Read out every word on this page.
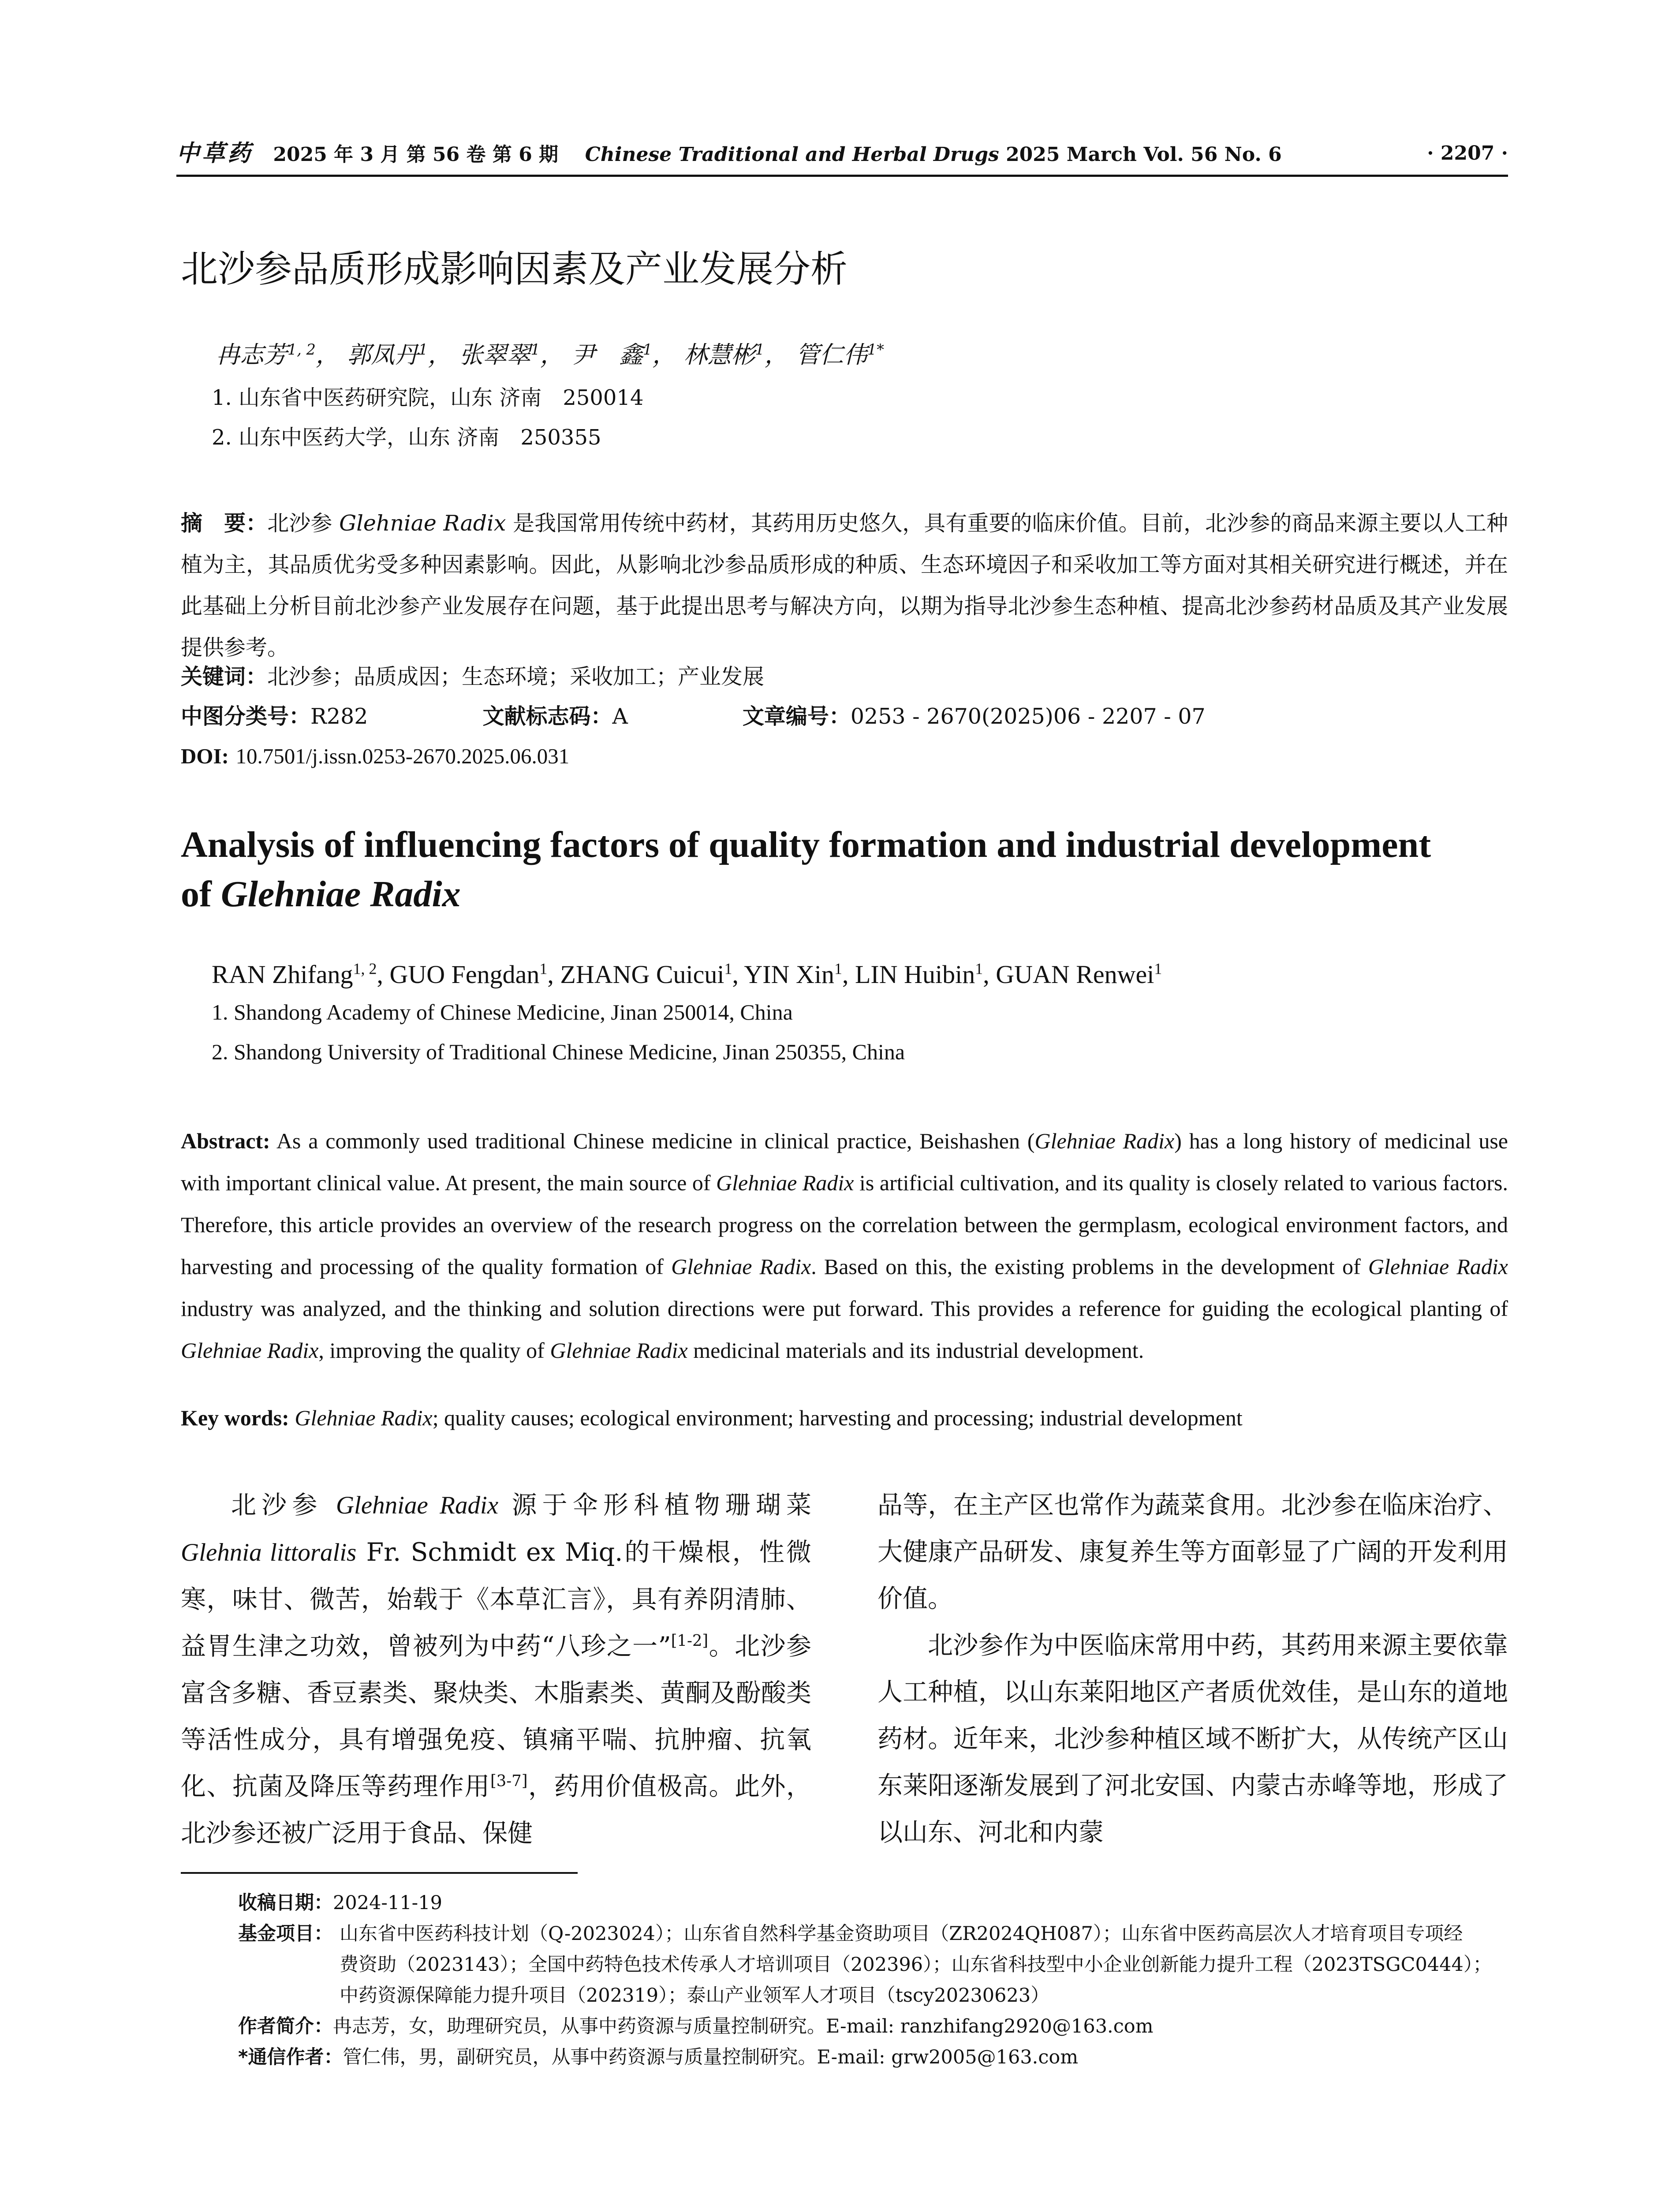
中草药 2025 年 3 月 第 56 卷 第 6 期 Chinese Traditional and Herbal Drugs 2025 March Vol. 56 No. 6	· 2207 ·
北沙参品质形成影响因素及产业发展分析
冉志芳$^{1, 2}$， 郭凤丹$^1$， 张翠翠$^1$， 尹　鑫$^1$， 林慧彬$^1$， 管仁伟$^{1*}$
1. 山东省中医药研究院，山东 济南　250014
2. 山东中医药大学，山东 济南　250355
摘　要：北沙参 Glehniae Radix 是我国常用传统中药材，其药用历史悠久，具有重要的临床价值。目前，北沙参的商品来源主要以人工种植为主，其品质优劣受多种因素影响。因此，从影响北沙参品质形成的种质、生态环境因子和采收加工等方面对其相关研究进行概述，并在此基础上分析目前北沙参产业发展存在问题，基于此提出思考与解决方向，以期为指导北沙参生态种植、提高北沙参药材品质及其产业发展提供参考。
关键词：北沙参；品质成因；生态环境；采收加工；产业发展
中图分类号：R282	文献标志码：A	文章编号：0253 - 2670(2025)06 - 2207 - 07
DOI: 10.7501/j.issn.0253-2670.2025.06.031
Analysis of influencing factors of quality formation and industrial development
of Glehniae Radix
RAN Zhifang$^{1, 2}$, GUO Fengdan$^1$, ZHANG Cuicui$^1$, YIN Xin$^1$, LIN Huibin$^1$, GUAN Renwei$^1$
1. Shandong Academy of Chinese Medicine, Jinan 250014, China
2. Shandong University of Traditional Chinese Medicine, Jinan 250355, China
Abstract: As a commonly used traditional Chinese medicine in clinical practice, Beishashen (Glehniae Radix) has a long history of medicinal use with important clinical value. At present, the main source of Glehniae Radix is artificial cultivation, and its quality is closely related to various factors. Therefore, this article provides an overview of the research progress on the correlation between the germplasm, ecological environment factors, and harvesting and processing of the quality formation of Glehniae Radix. Based on this, the existing problems in the development of Glehniae Radix industry was analyzed, and the thinking and solution directions were put forward. This provides a reference for guiding the ecological planting of Glehniae Radix, improving the quality of Glehniae Radix medicinal materials and its industrial development.
Key words: Glehniae Radix; quality causes; ecological environment; harvesting and processing; industrial development

北沙参 Glehniae Radix 源于伞形科植物珊瑚菜 Glehnia littoralis Fr. Schmidt ex Miq.的干燥根，性微寒，味甘、微苦，始载于《本草汇言》，具有养阴清肺、益胃生津之功效，曾被列为中药“八珍之一”[1-2]。北沙参富含多糖、香豆素类、聚炔类、木脂素类、黄酮及酚酸类等活性成分，具有增强免疫、镇痛平喘、抗肿瘤、抗氧化、抗菌及降压等药理作用[3-7]，药用价值极高。此外，北沙参还被广泛用于食品、保健

品等，在主产区也常作为蔬菜食用。北沙参在临床治疗、大健康产品研发、康复养生等方面彰显了广阔的开发利用价值。

北沙参作为中医临床常用中药，其药用来源主要依靠人工种植，以山东莱阳地区产者质优效佳，是山东的道地药材。近年来，北沙参种植区域不断扩大，从传统产区山东莱阳逐渐发展到了河北安国、内蒙古赤峰等地，形成了以山东、河北和内蒙

收稿日期：2024-11-19
基金项目： 山东省中医药科技计划（Q-2023024）；山东省自然科学基金资助项目（ZR2024QH087）；山东省中医药高层次人才培育项目专项经
费资助（2023143）；全国中药特色技术传承人才培训项目（202396）；山东省科技型中小企业创新能力提升工程（2023TSGC0444）；
中药资源保障能力提升项目（202319）；泰山产业领军人才项目（tscy20230623）
作者简介：冉志芳，女，助理研究员，从事中药资源与质量控制研究。E-mail: ranzhifang2920@163.com
*通信作者：管仁伟，男，副研究员，从事中药资源与质量控制研究。E-mail: grw2005@163.com
